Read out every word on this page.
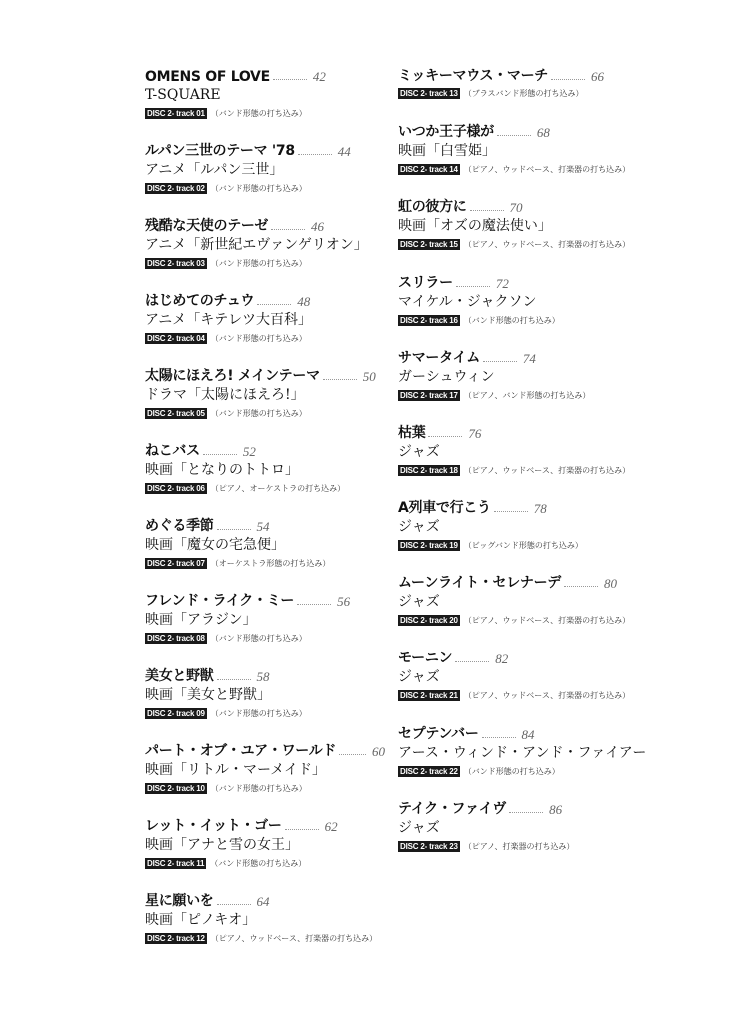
OMENS OF LOVE	42
T-SQUARE
DISC 2- track 01 （バンド形態の打ち込み）
ルパン三世のテーマ '78	44
アニメ「ルパン三世」
DISC 2- track 02 （バンド形態の打ち込み）
残酷な天使のテーゼ	46
アニメ「新世紀エヴァンゲリオン」
DISC 2- track 03 （バンド形態の打ち込み）
はじめてのチュウ	48
アニメ「キテレツ大百科」
DISC 2- track 04 （バンド形態の打ち込み）
太陽にほえろ! メインテーマ	50
ドラマ「太陽にほえろ!」
DISC 2- track 05 （バンド形態の打ち込み）
ねこバス	52
映画「となりのトトロ」
DISC 2- track 06 （ピアノ、オーケストラの打ち込み）
めぐる季節	54
映画「魔女の宅急便」
DISC 2- track 07 （オーケストラ形態の打ち込み）
フレンド・ライク・ミー	56
映画「アラジン」
DISC 2- track 08 （バンド形態の打ち込み）
美女と野獣	58
映画「美女と野獣」
DISC 2- track 09 （バンド形態の打ち込み）
パート・オブ・ユア・ワールド	60
映画「リトル・マーメイド」
DISC 2- track 10 （バンド形態の打ち込み）
レット・イット・ゴー	62
映画「アナと雪の女王」
DISC 2- track 11 （バンド形態の打ち込み）
星に願いを	64
映画「ピノキオ」
DISC 2- track 12 （ピアノ、ウッドベース、打楽器の打ち込み）
ミッキーマウス・マーチ	66
DISC 2- track 13 （ブラスバンド形態の打ち込み）
いつか王子様が	68
映画「白雪姫」
DISC 2- track 14 （ピアノ、ウッドベース、打楽器の打ち込み）
虹の彼方に	70
映画「オズの魔法使い」
DISC 2- track 15 （ピアノ、ウッドベース、打楽器の打ち込み）
スリラー	72
マイケル・ジャクソン
DISC 2- track 16 （バンド形態の打ち込み）
サマータイム	74
ガーシュウィン
DISC 2- track 17 （ピアノ、バンド形態の打ち込み）
枯葉	76
ジャズ
DISC 2- track 18 （ピアノ、ウッドベース、打楽器の打ち込み）
A列車で行こう	78
ジャズ
DISC 2- track 19 （ビッグバンド形態の打ち込み）
ムーンライト・セレナーデ	80
ジャズ
DISC 2- track 20 （ピアノ、ウッドベース、打楽器の打ち込み）
モーニン	82
ジャズ
DISC 2- track 21 （ピアノ、ウッドベース、打楽器の打ち込み）
セプテンバー	84
アース・ウィンド・アンド・ファイアー
DISC 2- track 22 （バンド形態の打ち込み）
テイク・ファイヴ	86
ジャズ
DISC 2- track 23 （ピアノ、打楽器の打ち込み）
